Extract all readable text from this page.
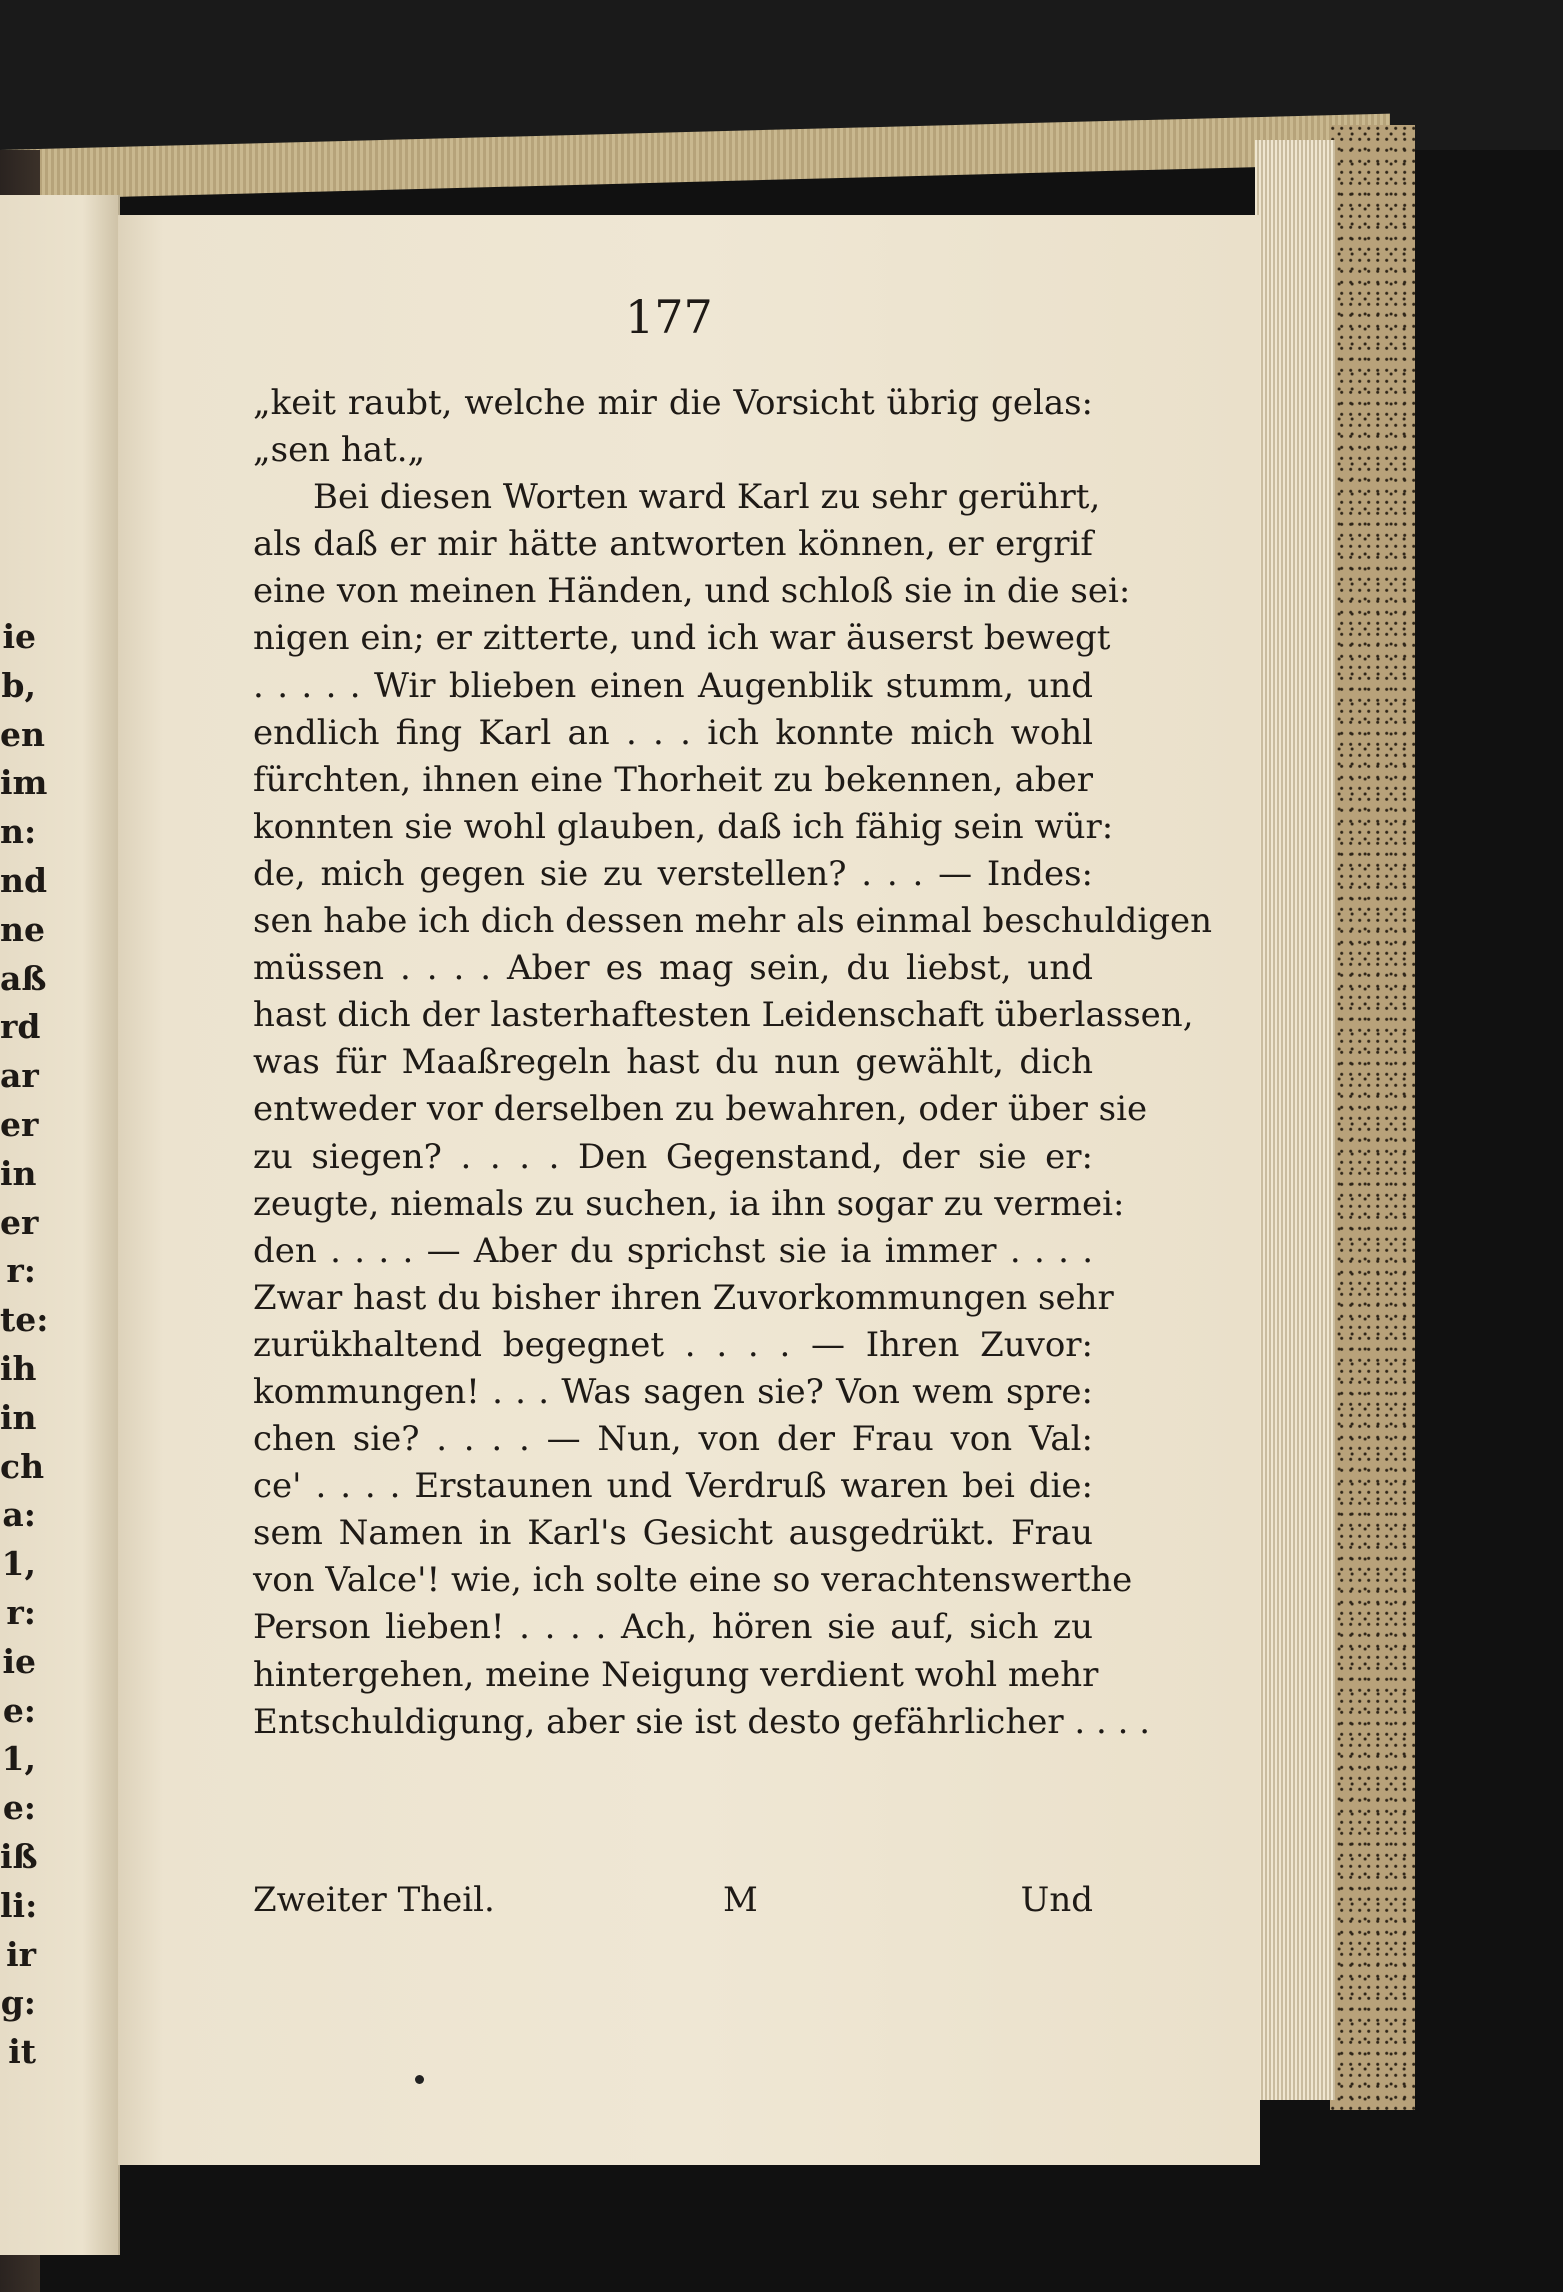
ie
b,
en
im
n:
nd
ne
aß
rd
ar
er
in
er
r:
te:
ih
in
ch
a:
1,
r:
ie
e:
1,
e:
iß
li:
ir
g:
it
177
„keit raubt, welche mir die Vorsicht übrig gelas:
„sen hat.„
Bei diesen Worten ward Karl zu sehr gerührt,
als daß er mir hätte antworten können, er ergrif
eine von meinen Händen, und schloß sie in die sei:
nigen ein; er zitterte, und ich war äuserst bewegt
. . . . . Wir blieben einen Augenblik stumm, und
endlich fing Karl an . . . ich konnte mich wohl
fürchten, ihnen eine Thorheit zu bekennen, aber
konnten sie wohl glauben, daß ich fähig sein wür:
de, mich gegen sie zu verstellen? . . . — Indes:
sen habe ich dich dessen mehr als einmal beschuldigen
müssen . . . . Aber es mag sein, du liebst, und
hast dich der lasterhaftesten Leidenschaft überlassen,
was für Maaßregeln hast du nun gewählt, dich
entweder vor derselben zu bewahren, oder über sie
zu siegen? . . . . Den Gegenstand, der sie er:
zeugte, niemals zu suchen, ia ihn sogar zu vermei:
den . . . . — Aber du sprichst sie ia immer . . . .
Zwar hast du bisher ihren Zuvorkommungen sehr
zurükhaltend begegnet . . . . — Ihren Zuvor:
kommungen! . . . Was sagen sie? Von wem spre:
chen sie? . . . . — Nun, von der Frau von Val:
ce' . . . . Erstaunen und Verdruß waren bei die:
sem Namen in Karl's Gesicht ausgedrükt. Frau
von Valce'! wie, ich solte eine so verachtenswerthe
Person lieben! . . . . Ach, hören sie auf, sich zu
hintergehen, meine Neigung verdient wohl mehr
Entschuldigung, aber sie ist desto gefährlicher . . . .
Zweiter Theil.	M	Und
